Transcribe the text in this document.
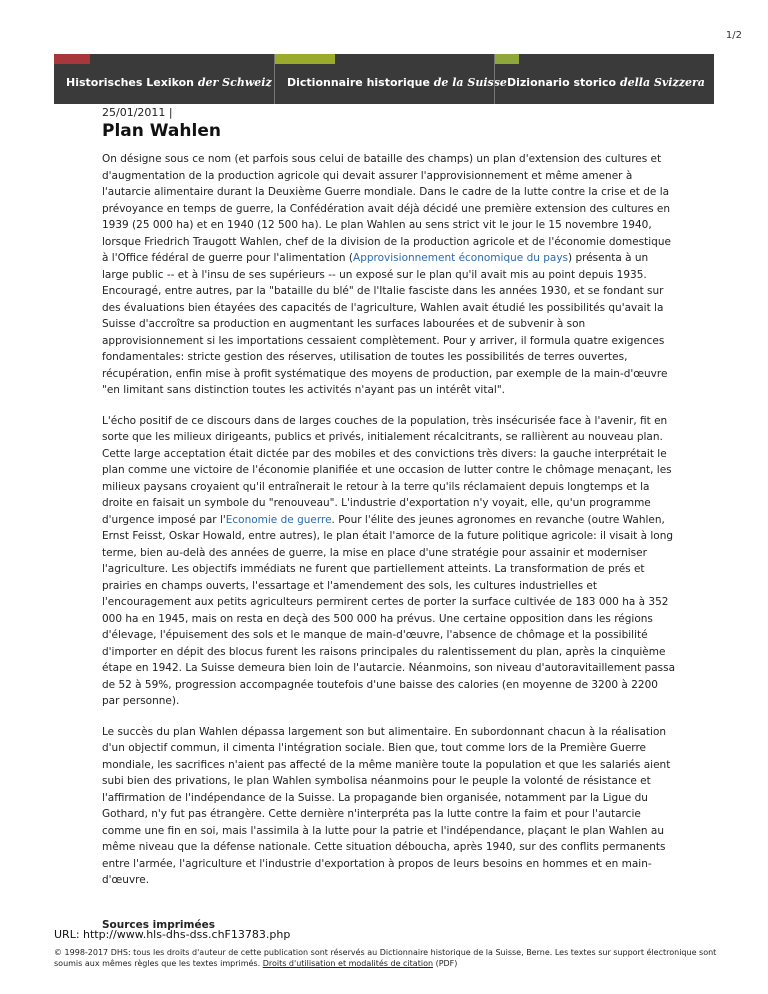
1/2
Historisches Lexikon der Schweiz	Dictionnaire historique de la Suisse Dizionario storico della Svizzera
25/01/2011 |
Plan Wahlen

On désigne sous ce nom (et parfois sous celui de bataille des champs) un plan d'extension des cultures et d'augmentation de la production agricole qui devait assurer l'approvisionnement et même amener à l'autarcie alimentaire durant la Deuxième Guerre mondiale. Dans le cadre de la lutte contre la crise et de la prévoyance en temps de guerre, la Confédération avait déjà décidé une première extension des cultures en 1939 (25 000 ha) et en 1940 (12 500 ha). Le plan Wahlen au sens strict vit le jour le 15 novembre 1940, lorsque Friedrich Traugott Wahlen, chef de la division de la production agricole et de l'économie domestique à l'Office fédéral de guerre pour l'alimentation (Approvisionnement économique du pays) présenta à un large public -- et à l'insu de ses supérieurs -- un exposé sur le plan qu'il avait mis au point depuis 1935. Encouragé, entre autres, par la "bataille du blé" de l'Italie fasciste dans les années 1930, et se fondant sur des évaluations bien étayées des capacités de l'agriculture, Wahlen avait étudié les possibilités qu'avait la Suisse d'accroître sa production en augmentant les surfaces labourées et de subvenir à son approvisionnement si les importations cessaient complètement. Pour y arriver, il formula quatre exigences fondamentales: stricte gestion des réserves, utilisation de toutes les possibilités de terres ouvertes, récupération, enfin mise à profit systématique des moyens de production, par exemple de la main-d'œuvre "en limitant sans distinction toutes les activités n'ayant pas un intérêt vital".

L'écho positif de ce discours dans de larges couches de la population, très insécurisée face à l'avenir, fit en sorte que les milieux dirigeants, publics et privés, initialement récalcitrants, se rallièrent au nouveau plan. Cette large acceptation était dictée par des mobiles et des convictions très divers: la gauche interprétait le plan comme une victoire de l'économie planifiée et une occasion de lutter contre le chômage menaçant, les milieux paysans croyaient qu'il entraînerait le retour à la terre qu'ils réclamaient depuis longtemps et la droite en faisait un symbole du "renouveau". L'industrie d'exportation n'y voyait, elle, qu'un programme d'urgence imposé par l'Economie de guerre. Pour l'élite des jeunes agronomes en revanche (outre Wahlen, Ernst Feisst, Oskar Howald, entre autres), le plan était l'amorce de la future politique agricole: il visait à long terme, bien au-delà des années de guerre, la mise en place d'une stratégie pour assainir et moderniser l'agriculture. Les objectifs immédiats ne furent que partiellement atteints. La transformation de prés et prairies en champs ouverts, l'essartage et l'amendement des sols, les cultures industrielles et l'encouragement aux petits agriculteurs permirent certes de porter la surface cultivée de 183 000 ha à 352 000 ha en 1945, mais on resta en deçà des 500 000 ha prévus. Une certaine opposition dans les régions d'élevage, l'épuisement des sols et le manque de main-d'œuvre, l'absence de chômage et la possibilité d'importer en dépit des blocus furent les raisons principales du ralentissement du plan, après la cinquième étape en 1942. La Suisse demeura bien loin de l'autarcie. Néanmoins, son niveau d'autoravitaillement passa de 52 à 59%, progression accompagnée toutefois d'une baisse des calories (en moyenne de 3200 à 2200 par personne).

Le succès du plan Wahlen dépassa largement son but alimentaire. En subordonnant chacun à la réalisation d'un objectif commun, il cimenta l'intégration sociale. Bien que, tout comme lors de la Première Guerre mondiale, les sacrifices n'aient pas affecté de la même manière toute la population et que les salariés aient subi bien des privations, le plan Wahlen symbolisa néanmoins pour le peuple la volonté de résistance et l'affirmation de l'indépendance de la Suisse. La propagande bien organisée, notamment par la Ligue du Gothard, n'y fut pas étrangère. Cette dernière n'interpréta pas la lutte contre la faim et pour l'autarcie comme une fin en soi, mais l'assimila à la lutte pour la patrie et l'indépendance, plaçant le plan Wahlen au même niveau que la défense nationale. Cette situation déboucha, après 1940, sur des conflits permanents entre l'armée, l'agriculture et l'industrie d'exportation à propos de leurs besoins en hommes et en main-d'œuvre.

Sources imprimées
URL: http://www.hls-dhs-dss.chF13783.php
© 1998-2017 DHS: tous les droits d'auteur de cette publication sont réservés au Dictionnaire historique de la Suisse, Berne. Les textes sur support électronique sont soumis aux mêmes règles que les textes imprimés. Droits d'utilisation et modalités de citation (PDF)
